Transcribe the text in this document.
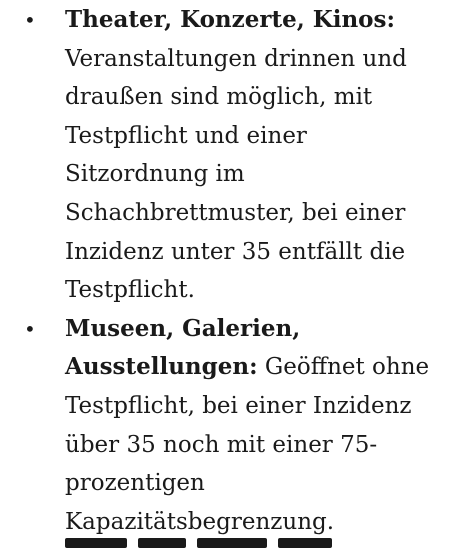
• Theater, Konzerte, Kinos:
Veranstaltungen drinnen und draußen sind möglich, mit Testpflicht und einer Sitzordnung im Schachbrettmuster, bei einer Inzidenz unter 35 entfällt die Testpflicht.
• Museen, Galerien, Ausstellungen: Geöffnet ohne Testpflicht, bei einer Inzidenz über 35 noch mit einer 75-prozentigen Kapazitätsbegrenzung.
